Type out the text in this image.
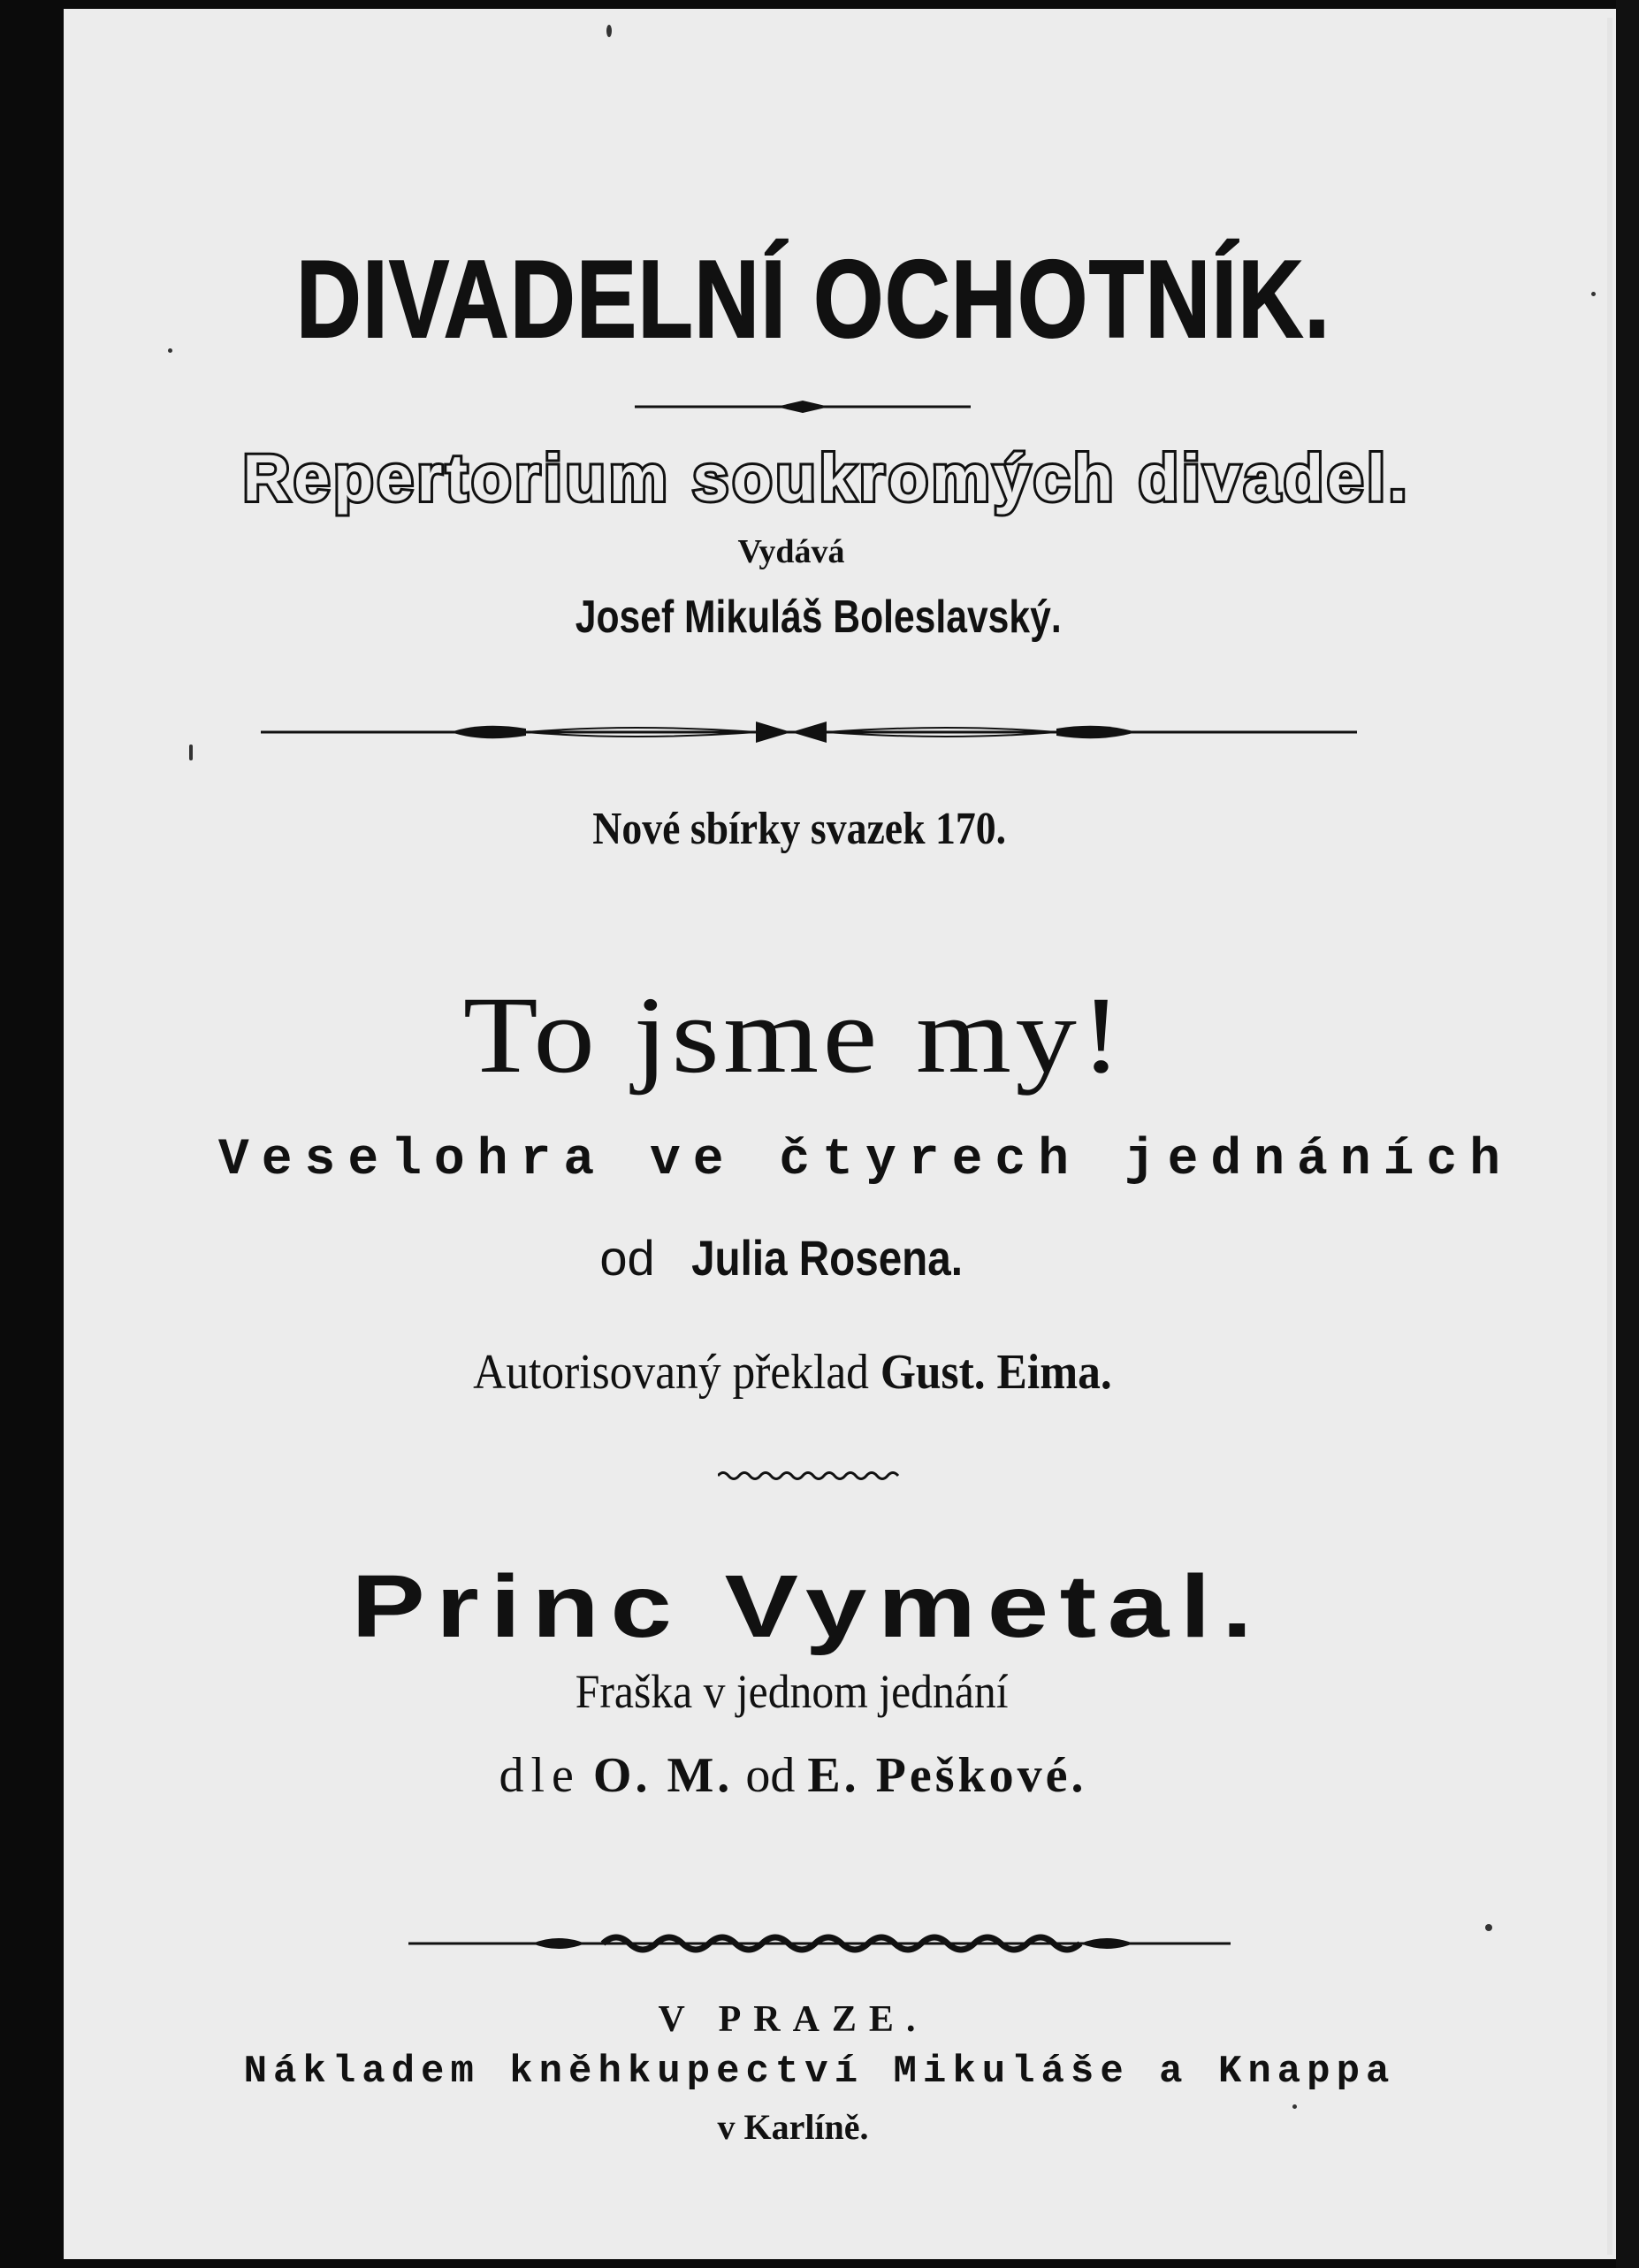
DIVADELNÍ OCHOTNÍK.
Repertorium soukromých divadel.
Vydává
Josef Mikuláš Boleslavský.
Nové sbírky svazek 170.
To jsme my!
Veselohra ve čtyrech jednáních
od Julia Rosena.
Autorisovaný překlad Gust. Eima.
Princ Vymetal.
Fraška v jednom jednání
dle O. M. od E. Peškové.
V PRAZE.
Nákladem kněhkupectví Mikuláše a Knappa
v Karlíně.
